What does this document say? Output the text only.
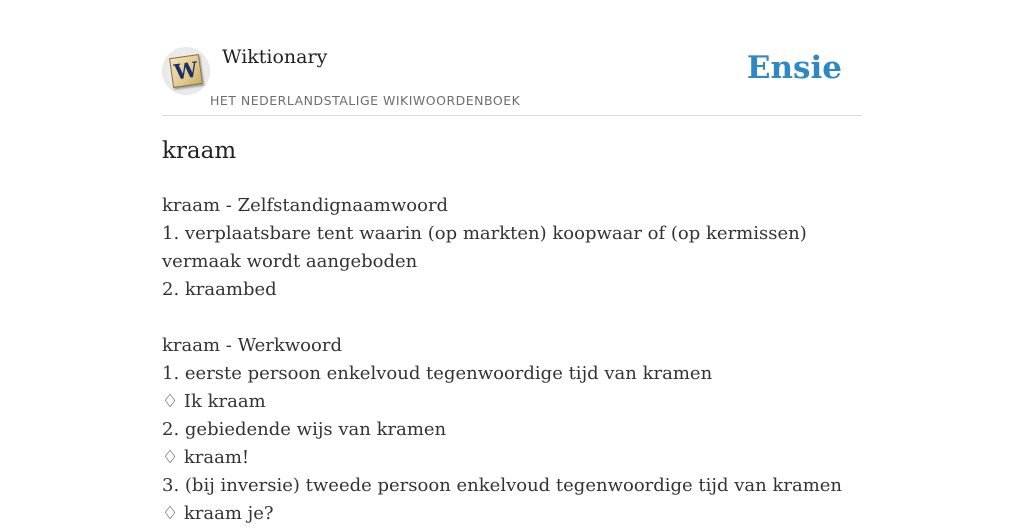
W Wiktionary
HET NEDERLANDSTALIGE WIKIWOORDENBOEK
Ensie
kraam
kraam - Zelfstandignaamwoord
1. verplaatsbare tent waarin (op markten) koopwaar of (op kermissen) vermaak wordt aangeboden
2. kraambed
kraam - Werkwoord
1. eerste persoon enkelvoud tegenwoordige tijd van kramen
♢ Ik kraam
2. gebiedende wijs van kramen
♢ kraam!
3. (bij inversie) tweede persoon enkelvoud tegenwoordige tijd van kramen
♢ kraam je?
